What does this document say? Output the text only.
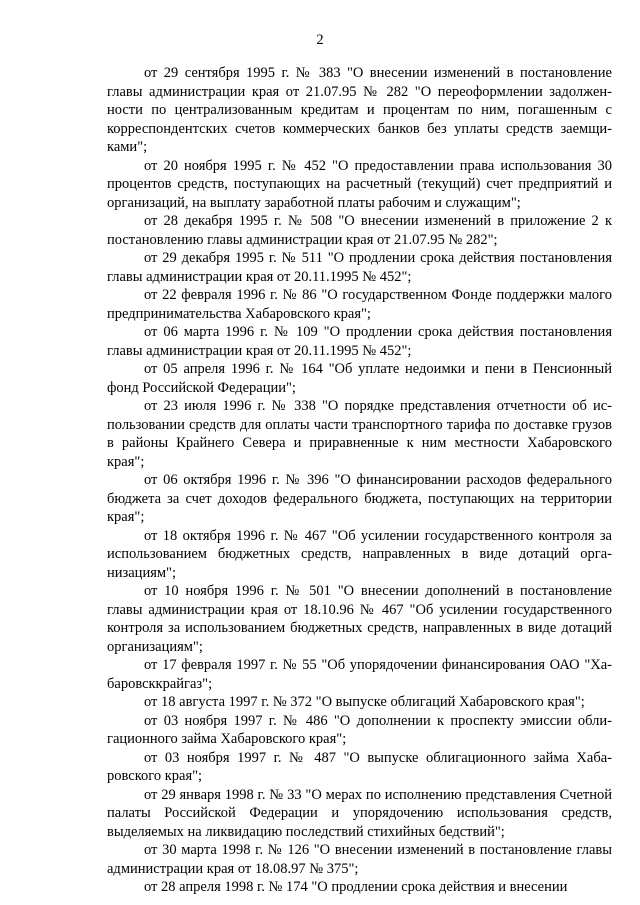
2

от 29 сентября 1995 г. № 383 "О внесении изменений в постановление главы администрации края от 21.07.95 № 282 "О переоформлении задолженности по централизованным кредитам и процентам по ним, погашенным с корреспондентских счетов коммерческих банков без уплаты средств заемщиками";

от 20 ноября 1995 г. № 452 "О предоставлении права использования 30 процентов средств, поступающих на расчетный (текущий) счет предприятий и организаций, на выплату заработной платы рабочим и служащим";

от 28 декабря 1995 г. № 508 "О внесении изменений в приложение 2 к постановлению главы администрации края от 21.07.95 № 282";

от 29 декабря 1995 г. № 511 "О продлении срока действия постановления главы администрации края от 20.11.1995 № 452";

от 22 февраля 1996 г. № 86 "О государственном Фонде поддержки малого предпринимательства Хабаровского края";

от 06 марта 1996 г. № 109 "О продлении срока действия постановления главы администрации края от 20.11.1995 № 452";

от 05 апреля 1996 г. № 164 "Об уплате недоимки и пени в Пенсионный фонд Российской Федерации";

от 23 июля 1996 г. № 338 "О порядке представления отчетности об использовании средств для оплаты части транспортного тарифа по доставке грузов в районы Крайнего Севера и приравненные к ним местности Хабаровского края";

от 06 октября 1996 г. № 396 "О финансировании расходов федерального бюджета за счет доходов федерального бюджета, поступающих на территории края";

от 18 октября 1996 г. № 467 "Об усилении государственного контроля за использованием бюджетных средств, направленных в виде дотаций организациям";

от 10 ноября 1996 г. № 501 "О внесении дополнений в постановление главы администрации края от 18.10.96 № 467 "Об усилении государственного контроля за использованием бюджетных средств, направленных в виде дотаций организациям";

от 17 февраля 1997 г. № 55 "Об упорядочении финансирования ОАО "Хабаровсккрайгаз";

от 18 августа 1997 г. № 372 "О выпуске облигаций Хабаровского края";

от 03 ноября 1997 г. № 486 "О дополнении к проспекту эмиссии облигационного займа Хабаровского края";

от 03 ноября 1997 г. № 487 "О выпуске облигационного займа Хабаровского края";

от 29 января 1998 г. № 33 "О мерах по исполнению представления Счетной палаты Российской Федерации и упорядочению использования средств, выделяемых на ликвидацию последствий стихийных бедствий";

от 30 марта 1998 г. № 126 "О внесении изменений в постановление главы администрации края от 18.08.97 № 375";

от 28 апреля 1998 г. № 174 "О продлении срока действия и внесении
